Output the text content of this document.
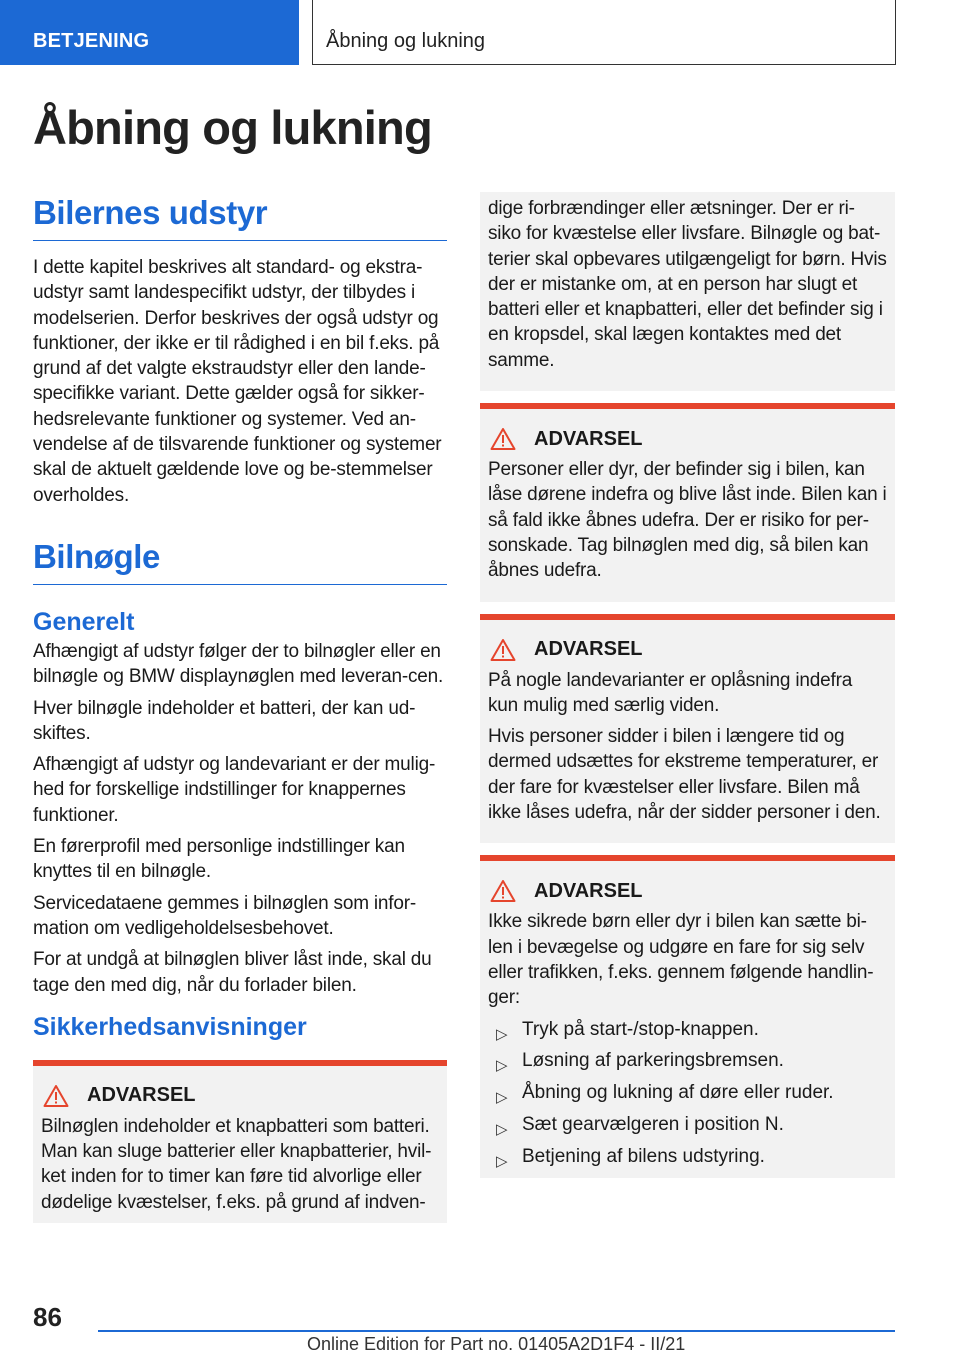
BETJENING	Åbning og lukning
Åbning og lukning
Bilernes udstyr

I dette kapitel beskrives alt standard- og ekstra-udstyr samt landespecifikt udstyr, der tilbydes i modelserien. Derfor beskrives der også udstyr og funktioner, der ikke er til rådighed i en bil f.eks. på grund af det valgte ekstraudstyr eller den lande-specifikke variant. Dette gælder også for sikker-hedsrelevante funktioner og systemer. Ved an-vendelse af de tilsvarende funktioner og systemer skal de aktuelt gældende love og be-stemmelser overholdes.

Bilnøgle
Generelt

Afhængigt af udstyr følger der to bilnøgler eller en bilnøgle og BMW displaynøglen med leveran-cen.

Hver bilnøgle indeholder et batteri, der kan ud-skiftes.

Afhængigt af udstyr og landevariant er der mulig-hed for forskellige indstillinger for knappernes funktioner.

En førerprofil med personlige indstillinger kan knyttes til en bilnøgle.

Servicedataene gemmes i bilnøglen som infor-mation om vedligeholdelsesbehovet.

For at undgå at bilnøglen bliver låst inde, skal du tage den med dig, når du forlader bilen.

Sikkerhedsanvisninger
ADVARSEL

Bilnøglen indeholder et knapbatteri som batteri. Man kan sluge batterier eller knapbatterier, hvil-ket inden for to timer kan føre tid alvorlige eller dødelige kvæstelser, f.eks. på grund af indven-

dige forbrændinger eller ætsninger. Der er ri-siko for kvæstelse eller livsfare. Bilnøgle og bat-terier skal opbevares utilgængeligt for børn. Hvis der er mistanke om, at en person har slugt et batteri eller et knapbatteri, eller det befinder sig i en kropsdel, skal lægen kontaktes med det samme.

ADVARSEL

Personer eller dyr, der befinder sig i bilen, kan låse dørene indefra og blive låst inde. Bilen kan i så fald ikke åbnes udefra. Der er risiko for per-sonskade. Tag bilnøglen med dig, så bilen kan åbnes udefra.

ADVARSEL

På nogle landevarianter er oplåsning indefra kun mulig med særlig viden.

Hvis personer sidder i bilen i længere tid og dermed udsættes for ekstreme temperaturer, er der fare for kvæstelser eller livsfare. Bilen må ikke låses udefra, når der sidder personer i den.

ADVARSEL

Ikke sikrede børn eller dyr i bilen kan sætte bi-len i bevægelse og udgøre en fare for sig selv eller trafikken, f.eks. gennem følgende handlin-ger:

▷ Tryk på start-/stop-knappen.
▷ Løsning af parkeringsbremsen.
▷ Åbning og lukning af døre eller ruder.
▷ Sæt gearvælgeren i position N.
▷ Betjening af bilens udstyring.
86
Online Edition for Part no. 01405A2D1F4 - II/21
